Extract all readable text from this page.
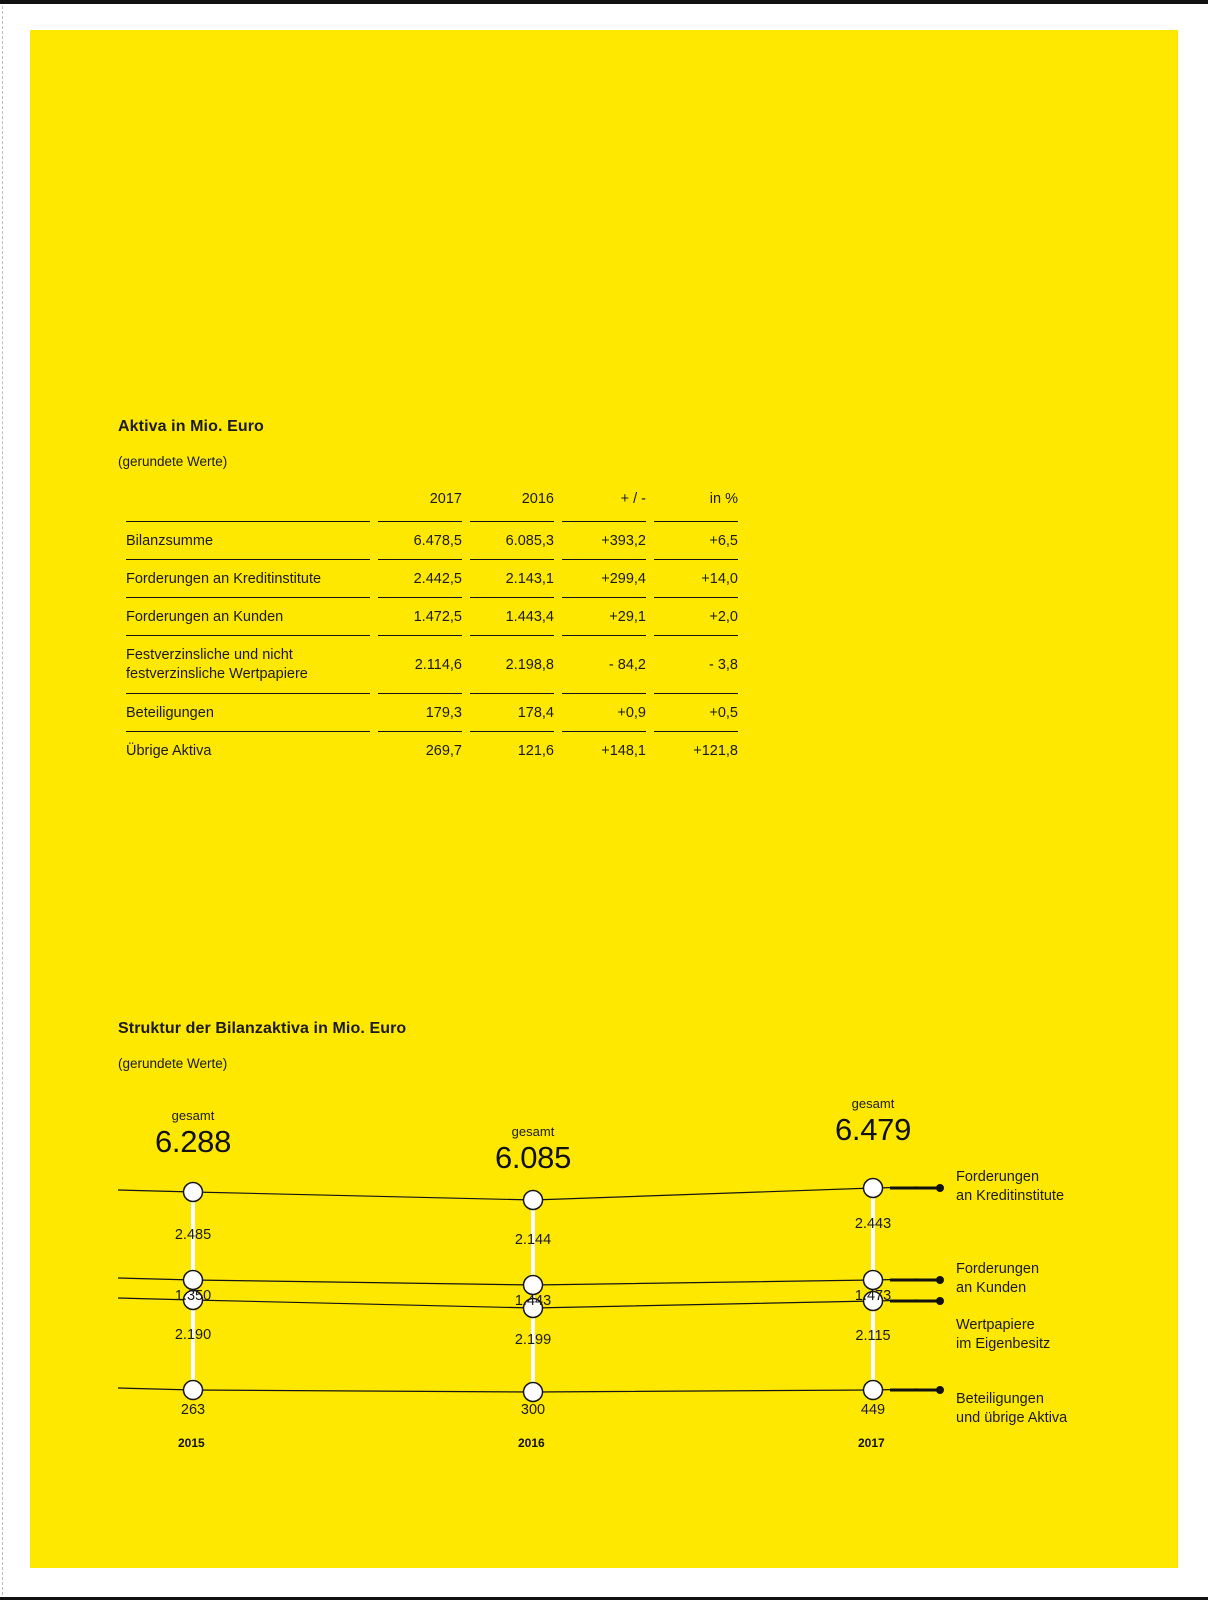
Aktiva in Mio. Euro
(gerundete Werte)
	2017	2016	+ / -	in %
Bilanzsumme	6.478,5	6.085,3	+393,2	+6,5
Forderungen an Kreditinstitute	2.442,5	2.143,1	+299,4	+14,0
Forderungen an Kunden	1.472,5	1.443,4	+29,1	+2,0
Festverzinsliche und nicht festverzinsliche Wertpapiere	2.114,6	2.198,8	- 84,2	- 3,8
Beteiligungen	179,3	178,4	+0,9	+0,5
Übrige Aktiva	269,7	121,6	+148,1	+121,8
Struktur der Bilanzaktiva in Mio. Euro
(gerundete Werte)
gesamt
6.288	gesamt
6.085
gesamt
6.479
2.485
1.350
2.190
263
2.144
1.443
2.199
300
2.443
1.473
2.115
449
2015	2016	2017
Forderungen
an Kreditinstitute
Forderungen
an Kunden
Wertpapiere
im Eigenbesitz
Beteiligungen
und übrige Aktiva
